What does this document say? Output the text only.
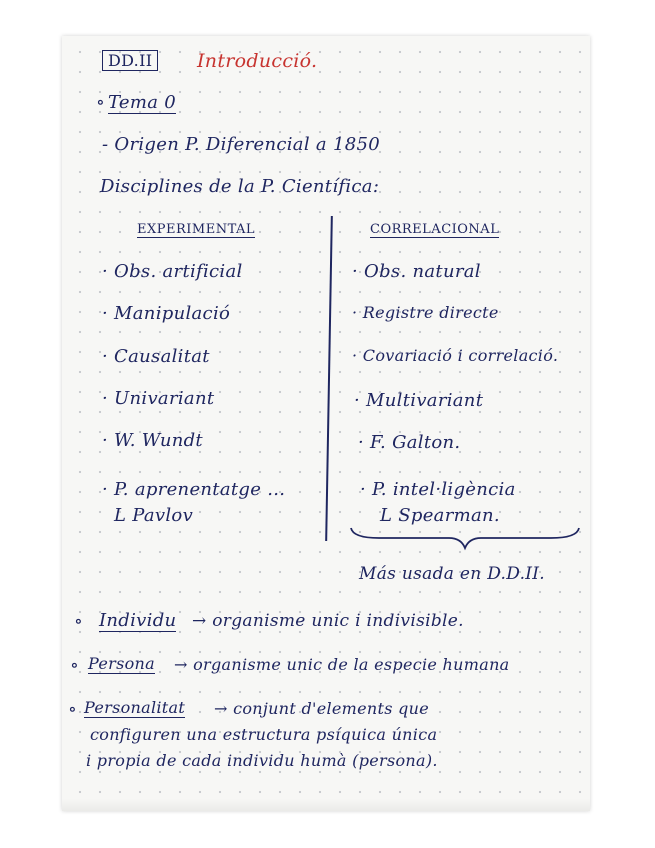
DD.II	Introducció.
∘ Tema 0
- Origen P. Diferencial a 1850
Disciplines de la P. Científica:
EXPERIMENTAL	CORRELACIONAL
· Obs. artificial
· Manipulació
· Causalitat
· Univariant
· W. Wundt
· P. aprenentatge ...
L Pavlov
· Obs. natural
· Registre directe
· Covariació i correlació.
· Multivariant
· F. Galton.
· P. intel·ligència
L Spearman.
Más usada en D.D.II.
∘ Individu → organisme unic i indivisible.
∘ Persona → organisme unic de la especie humana
∘ Personalitat → conjunt d'elements que
configuren una estructura psíquica única
i propia de cada individu humà (persona).
